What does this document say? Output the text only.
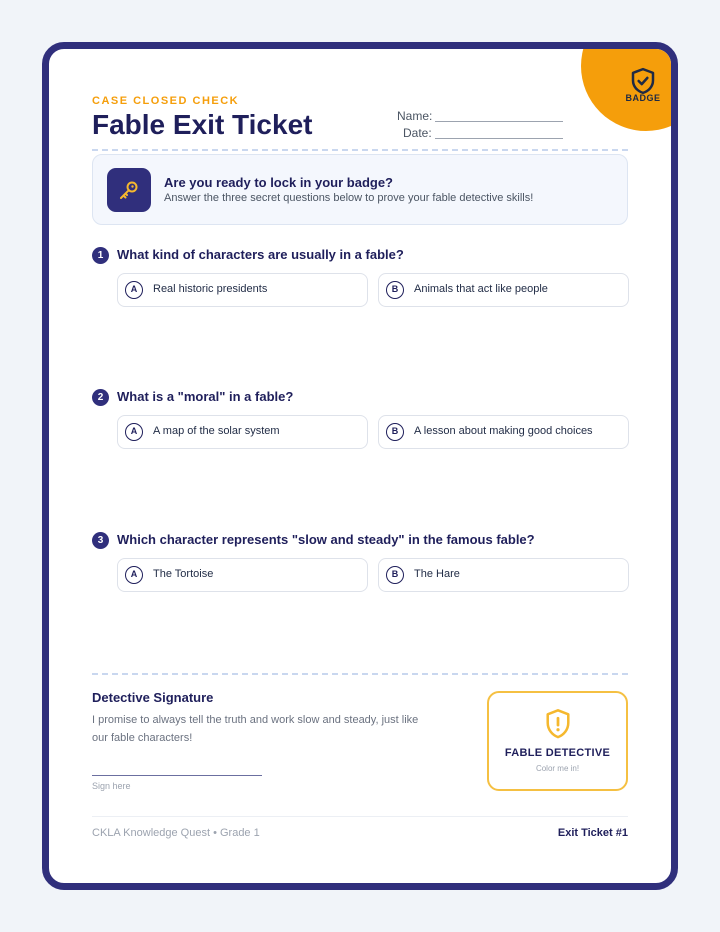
BADGE
CASE CLOSED CHECK
Fable Exit Ticket	Name:
Date:
Are you ready to lock in your badge?
Answer the three secret questions below to prove your fable detective skills!
1	What kind of characters are usually in a fable?
A	Real historic presidents	B	Animals that act like people
2	What is a "moral" in a fable?
A	A map of the solar system	B	A lesson about making good choices
3	Which character represents "slow and steady" in the famous fable?
A	The Tortoise	B	The Hare
Detective Signature
I promise to always tell the truth and work slow and steady, just like our fable characters!
Sign here
FABLE DETECTIVE
Color me in!
CKLA Knowledge Quest • Grade 1	Exit Ticket #1
